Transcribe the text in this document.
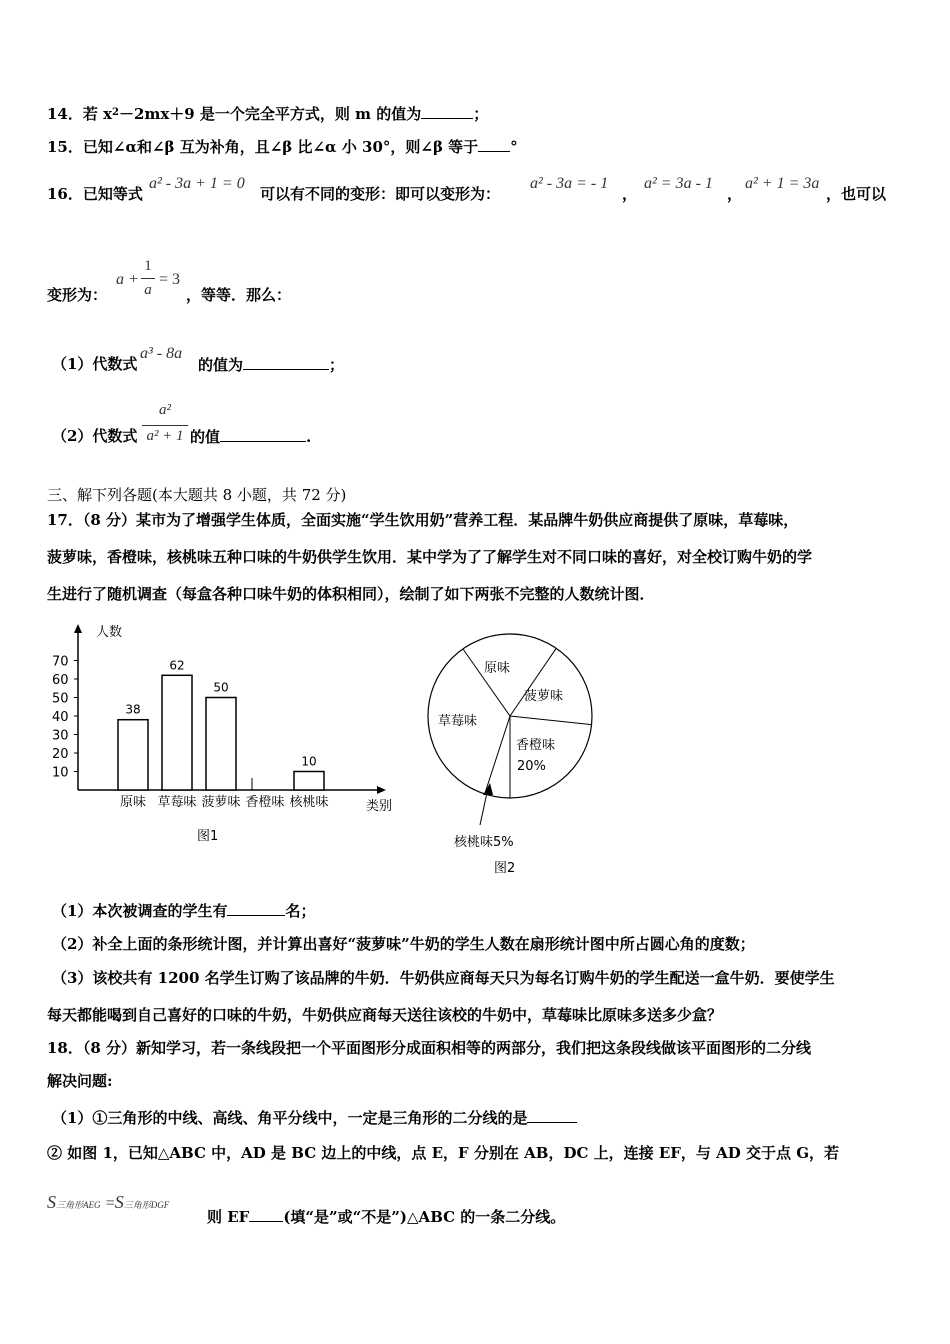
14．若 $x^2-2mx+9$ 是一个完全平方式，则 m 的值为	；
15．已知∠α和∠β 互为补角，且∠β 比∠α 小 30°，则∠β 等于 °
16．已知等式
a² - 3a + 1 = 0
可以有不同的变形：即可以变形为：
a² - 3a = - 1
，
a² = 3a - 1
，
a² + 1 = 3a
，也可以
变形为：
a +
1
a
= 3
，等等．那么：
（1）代数式
a³ - 8a
的值为	；
（2）代数式
a²
a² + 1 的值	.
三、解下列各题(本大题共 8 小题，共 72 分)
17．（8 分）某市为了增强学生体质，全面实施“学生饮用奶”营养工程．某品牌牛奶供应商提供了原味，草莓味，
菠萝味，香橙味，核桃味五种口味的牛奶供学生饮用．某中学为了了解学生对不同口味的喜好，对全校订购牛奶的学
生进行了随机调查（每盒各种口味牛奶的体积相同），绘制了如下两张不完整的人数统计图．
人数
类别
图1
10
20
30
40
50
60
70
38
原味
62
草莓味
50
菠萝味 香橙味
10
核桃味
原味
菠萝味
香橙味
20%
草莓味
核桃味5%
图2
（1）本次被调查的学生有	名；
（2）补全上面的条形统计图，并计算出喜好“菠萝味”牛奶的学生人数在扇形统计图中所占圆心角的度数；
（3）该校共有 1200 名学生订购了该品牌的牛奶．牛奶供应商每天只为每名订购牛奶的学生配送一盒牛奶．要使学生
每天都能喝到自己喜好的口味的牛奶，牛奶供应商每天送往该校的牛奶中，草莓味比原味多送多少盒？
18．（8 分）新知学习，若一条线段把一个平面图形分成面积相等的两部分，我们把这条段线做该平面图形的二分线
解决问题:
（1）①三角形的中线、高线、角平分线中，一定是三角形的二分线的是
② 如图 1，已知△ABC 中，AD 是 BC 边上的中线，点 E，F 分别在 AB，DC 上，连接 EF，与 AD 交于点 G，若
S三角形AEG =S三角形DGF
则 EF (填“是”或“不是”)△ABC 的一条二分线。
